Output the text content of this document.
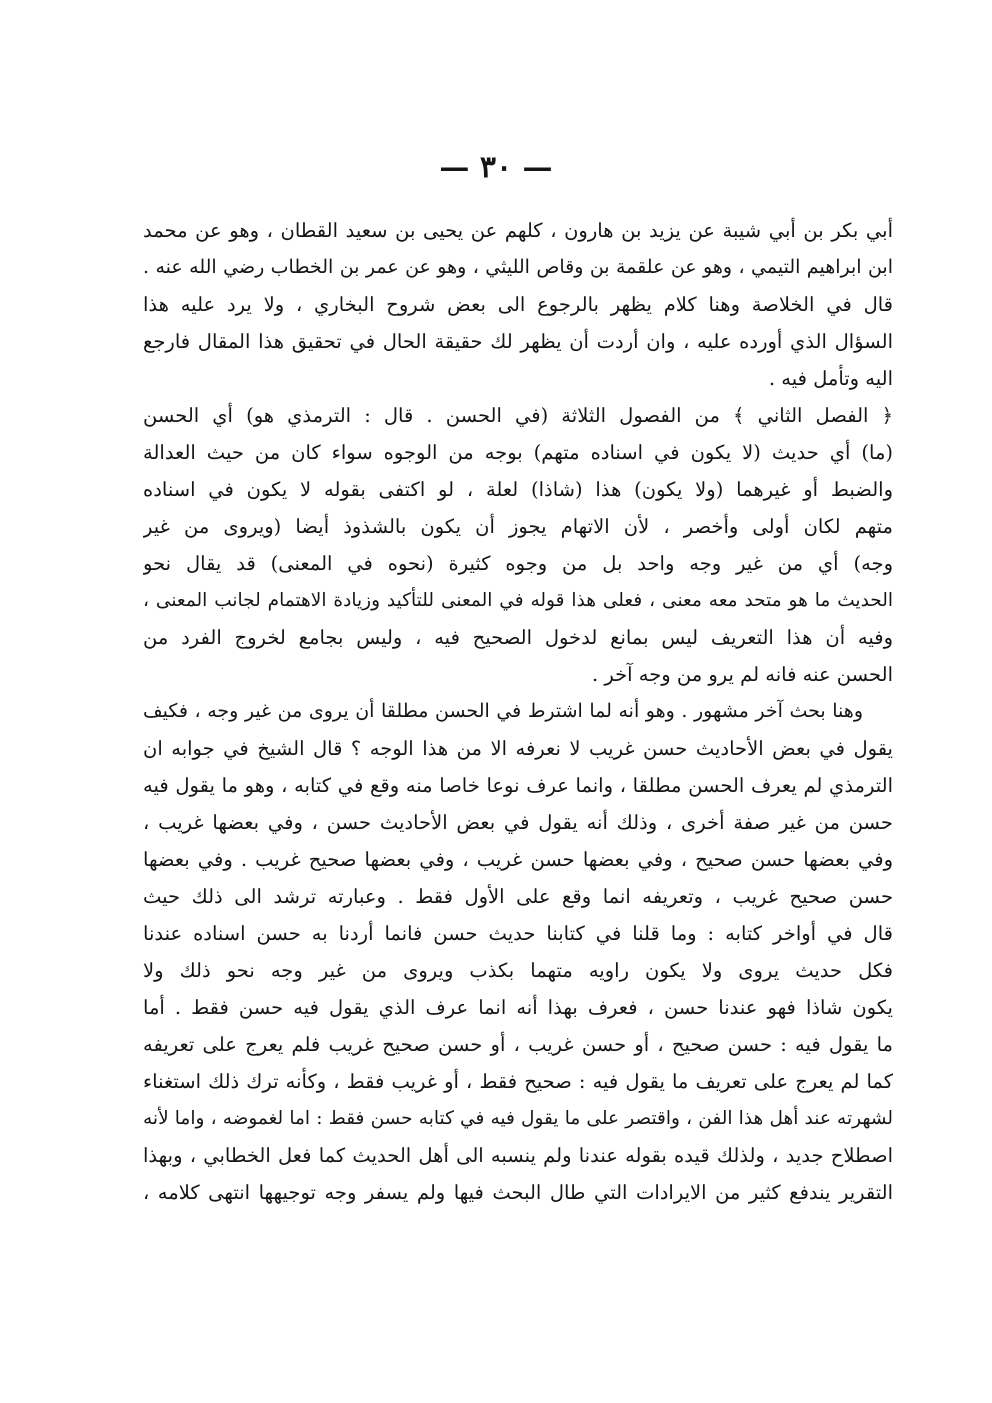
— ٣٠ —
أبي بكر بن أبي شيبة عن يزيد بن هارون ، كلهم عن يحيى بن سعيد القطان ، وهو عن محمد
ابن ابراهيم التيمي ، وهو عن علقمة بن وقاص الليثي ، وهو عن عمر بن الخطاب رضي الله عنه .
قال في الخلاصة وهنا كلام يظهر بالرجوع الى بعض شروح البخاري ، ولا يرد عليه هذا
السؤال الذي أورده عليه ، وان أردت أن يظهر لك حقيقة الحال في تحقيق هذا المقال فارجع
اليه وتأمل فيه .
﴿ الفصل الثاني ﴾ من الفصول الثلاثة (في الحسن . قال : الترمذي هو) أي الحسن
(ما) أي حديث (لا يكون في اسناده متهم) بوجه من الوجوه سواء كان من حيث العدالة
والضبط أو غيرهما (ولا يكون) هذا (شاذا) لعلة ، لو اكتفى بقوله لا يكون في اسناده
متهم لكان أولى وأخصر ، لأن الاتهام يجوز أن يكون بالشذوذ أيضا (ويروى من غير
وجه) أي من غير وجه واحد بل من وجوه كثيرة (نحوه في المعنى) قد يقال نحو
الحديث ما هو متحد معه معنى ، فعلى هذا قوله في المعنى للتأكيد وزيادة الاهتمام لجانب المعنى ،
وفيه أن هذا التعريف ليس بمانع لدخول الصحيح فيه ، وليس بجامع لخروج الفرد من
الحسن عنه فانه لم يرو من وجه آخر .
وهنا بحث آخر مشهور . وهو أنه لما اشترط في الحسن مطلقا أن يروى من غير وجه ، فكيف
يقول في بعض الأحاديث حسن غريب لا نعرفه الا من هذا الوجه ؟ قال الشيخ في جوابه ان
الترمذي لم يعرف الحسن مطلقا ، وانما عرف نوعا خاصا منه وقع في كتابه ، وهو ما يقول فيه
حسن من غير صفة أخرى ، وذلك أنه يقول في بعض الأحاديث حسن ، وفي بعضها غريب ،
وفي بعضها حسن صحيح ، وفي بعضها حسن غريب ، وفي بعضها صحيح غريب . وفي بعضها
حسن صحيح غريب ، وتعريفه انما وقع على الأول فقط . وعبارته ترشد الى ذلك حيث
قال في أواخر كتابه : وما قلنا في كتابنا حديث حسن فانما أردنا به حسن اسناده عندنا
فكل حديث يروى ولا يكون راويه متهما بكذب ويروى من غير وجه نحو ذلك ولا
يكون شاذا فهو عندنا حسن ، فعرف بهذا أنه انما عرف الذي يقول فيه حسن فقط . أما
ما يقول فيه : حسن صحيح ، أو حسن غريب ، أو حسن صحيح غريب فلم يعرج على تعريفه
كما لم يعرج على تعريف ما يقول فيه : صحيح فقط ، أو غريب فقط ، وكأنه ترك ذلك استغناء
لشهرته عند أهل هذا الفن ، واقتصر على ما يقول فيه في كتابه حسن فقط : اما لغموضه ، واما لأنه
اصطلاح جديد ، ولذلك قيده بقوله عندنا ولم ينسبه الى أهل الحديث كما فعل الخطابي ، وبهذا
التقرير يندفع كثير من الايرادات التي طال البحث فيها ولم يسفر وجه توجيهها انتهى كلامه ،
